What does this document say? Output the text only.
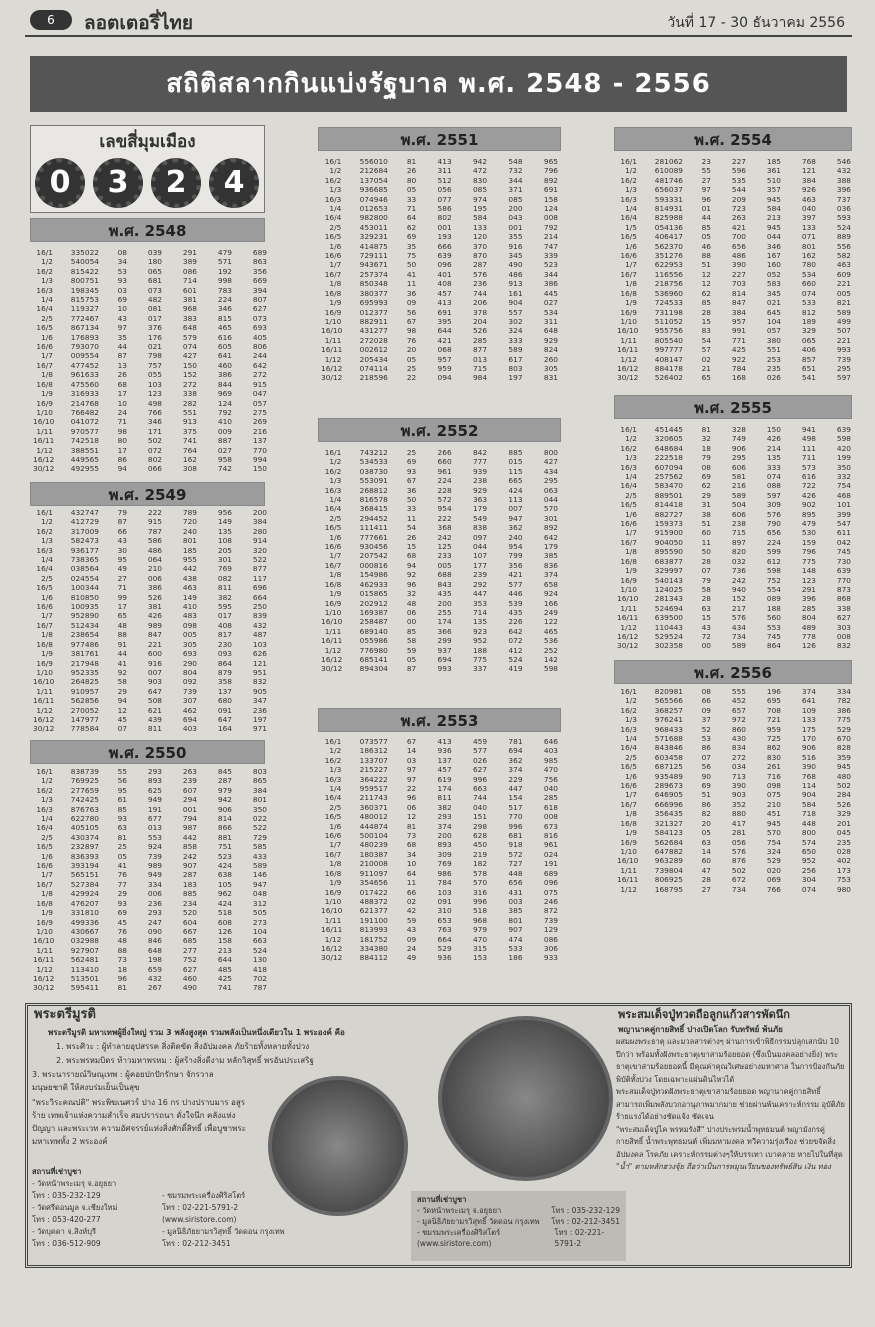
6	ลอตเตอรี่ไทย	วันที่ 17 - 30 ธันวาคม 2556
สถิติสลากกินแบ่งรัฐบาล พ.ศ. 2548 - 2556
เลขสี่มุมเมือง
0	3	2	4
พ.ศ. 2548
16/1	335022	08	039	291	479	689
1/2	540054	34	180	389	571	863
16/2	815422	53	065	086	192	356
1/3	800751	93	681	714	998	669
16/3	198345	03	073	601	783	394
1/4	815753	69	482	381	224	807
16/4	119327	10	081	968	346	627
2/5	772467	43	017	383	815	073
16/5	867134	97	376	648	465	693
1/6	176893	35	176	579	616	405
16/6	793070	44	021	074	605	806
1/7	009554	87	798	427	641	244
16/7	477452	13	757	150	460	642
1/8	961633	26	055	152	386	272
16/8	475560	68	103	272	844	915
1/9	316933	17	123	338	969	047
16/9	214768	10	498	282	124	057
1/10	766482	24	766	551	792	275
16/10	041072	71	346	913	410	269
1/11	970577	98	171	375	009	216
16/11	742518	80	502	741	887	137
1/12	388551	17	072	764	027	770
16/12	449565	86	802	162	958	994
30/12	492955	94	066	308	742	150
พ.ศ. 2549
16/1	432747	79	222	789	956	200
1/2	412729	87	915	720	149	384
16/2	317009	66	787	240	135	280
1/3	582473	43	586	801	108	914
16/3	936177	30	486	185	205	320
1/4	738365	95	064	955	301	522
16/4	038564	49	210	442	769	877
2/5	024554	27	006	438	082	117
16/5	100344	71	386	463	811	696
1/6	810850	99	526	149	382	664
16/6	100935	17	381	410	595	250
1/7	952890	65	426	483	017	839
16/7	512434	48	989	098	408	432
1/8	238654	88	847	005	817	487
16/8	977486	91	221	305	230	103
1/9	381761	44	600	693	093	626
16/9	217948	41	916	290	864	121
1/10	952335	92	007	804	879	951
16/10	264825	58	903	092	358	832
1/11	910957	29	647	739	137	905
16/11	562856	94	508	307	680	347
1/12	270052	12	621	462	091	236
16/12	147977	45	439	694	647	197
30/12	778584	07	811	403	164	971
พ.ศ. 2550
16/1	838739	55	293	263	845	803
1/2	769925	56	893	239	287	865
16/2	277659	95	625	607	979	384
1/3	742425	61	949	294	942	801
16/3	876763	85	191	001	906	350
1/4	622780	93	677	794	814	022
16/4	405105	63	013	987	866	522
2/5	430374	81	553	442	881	729
16/5	232897	25	924	858	751	585
1/6	836393	05	739	242	523	433
16/6	393194	41	989	907	424	589
1/7	565151	76	949	287	638	146
16/7	527384	77	334	183	105	947
1/8	429924	29	006	885	962	048
16/8	476207	93	236	234	424	312
1/9	331810	69	293	520	518	505
16/9	499336	45	247	604	608	273
1/10	430667	76	090	667	126	104
16/10	032988	48	846	685	158	663
1/11	927907	88	648	277	213	524
16/11	562481	73	198	752	644	130
1/12	113410	18	659	627	485	418
16/12	513501	96	432	460	425	702
30/12	595411	81	267	490	741	787
พ.ศ. 2551
16/1	556010	81	413	942	548	965
1/2	212684	26	311	472	732	796
16/2	137054	80	512	830	344	892
1/3	936685	05	056	085	371	691
16/3	074946	33	077	974	085	158
1/4	012653	71	586	195	200	124
16/4	982800	64	802	584	043	008
2/5	453011	62	001	133	001	792
16/5	329231	69	193	120	355	214
1/6	414875	35	666	370	916	747
16/6	729111	75	639	870	345	339
1/7	943671	50	096	287	490	523
16/7	257374	41	401	576	486	344
1/8	850348	11	408	236	913	386
16/8	380377	36	457	744	161	445
1/9	695993	09	413	206	904	027
16/9	012377	56	691	378	557	534
1/10	882911	67	395	204	302	311
16/10	431277	98	644	526	324	648
1/11	272028	76	421	285	333	929
16/11	002612	20	068	877	589	824
1/12	205434	05	957	013	617	260
16/12	074114	25	959	715	803	305
30/12	218596	22	094	984	197	831
พ.ศ. 2552
16/1	743212	25	266	842	885	800
1/2	534533	69	660	777	015	427
16/2	038730	93	961	939	115	434
1/3	553091	67	224	238	665	295
16/3	268812	36	228	929	424	063
1/4	816578	50	572	363	113	044
16/4	368415	33	954	179	007	570
2/5	294452	11	222	549	947	301
16/5	111411	54	368	838	362	892
1/6	777661	26	242	097	240	642
16/6	930456	15	125	044	954	179
1/7	207542	68	233	107	799	385
16/7	000816	94	005	177	356	836
1/8	154986	92	688	239	421	374
16/8	462933	96	843	292	577	658
1/9	015865	32	435	447	446	924
16/9	202912	48	200	353	539	166
1/10	169387	06	255	714	435	249
16/10	258487	00	174	135	226	122
1/11	689140	85	366	923	642	465
16/11	055986	58	299	952	072	536
1/12	776980	59	937	188	412	252
16/12	685141	05	694	775	524	142
30/12	894304	87	993	337	419	598
พ.ศ. 2553
16/1	073577	67	413	459	781	646
1/2	186312	14	936	577	694	403
16/2	133707	03	137	026	362	985
1/3	215227	97	457	627	374	470
16/3	364222	97	619	996	229	756
1/4	959517	22	174	663	447	040
16/4	211743	96	811	744	154	285
2/5	360371	06	382	040	517	618
16/5	480012	12	293	151	770	008
1/6	444874	81	374	298	996	673
16/6	500104	73	200	628	681	816
1/7	480239	68	893	450	918	961
16/7	180387	34	309	219	572	024
1/8	210008	10	769	182	727	191
16/8	911097	64	986	578	448	689
1/9	354656	11	784	570	656	096
16/9	017422	66	103	316	431	075
1/10	488372	02	091	996	003	246
16/10	621377	42	310	518	385	872
1/11	191100	59	653	968	801	739
16/11	813993	43	763	979	907	129
1/12	181752	09	664	470	474	086
16/12	334380	24	529	315	533	306
30/12	884112	49	936	153	186	933
พ.ศ. 2554
16/1	281062	23	227	185	768	546
1/2	610089	55	596	361	121	432
16/2	481746	27	535	510	384	388
1/3	656037	97	544	357	926	396
16/3	593331	96	209	945	463	737
1/4	814931	01	723	584	040	036
16/4	825988	44	263	213	397	593
1/5	054136	85	421	945	133	524
16/5	406417	05	700	044	071	889
1/6	562370	46	656	346	801	556
16/6	351276	88	486	167	162	582
1/7	622953	51	390	160	780	463
16/7	116556	12	227	052	534	609
1/8	218756	12	703	583	660	221
16/8	536960	62	814	345	074	005
1/9	724533	85	847	021	533	821
16/9	731198	28	384	645	812	589
1/10	511052	15	957	104	189	499
16/10	955756	83	991	057	329	507
1/11	805540	54	771	380	065	221
16/11	997777	57	425	551	406	993
1/12	408147	02	922	253	857	739
16/12	884178	21	784	235	651	295
30/12	526402	65	168	026	541	597
พ.ศ. 2555
16/1	451445	81	328	150	941	639
1/2	320605	32	749	426	498	598
16/2	648684	18	906	214	111	420
1/3	222518	79	295	135	711	199
16/3	607094	08	606	333	573	350
1/4	257562	69	581	074	616	332
16/4	583470	62	216	088	722	754
2/5	889501	29	589	597	426	468
16/5	814418	31	504	309	902	101
1/6	882727	38	606	576	895	399
16/6	159373	51	238	790	479	547
1/7	915900	60	715	656	530	611
16/7	904050	11	897	224	159	042
1/8	895590	50	820	599	796	745
16/8	683877	28	032	612	775	730
1/9	329997	07	736	598	148	639
16/9	540143	79	242	752	123	770
1/10	124025	58	940	554	291	873
16/10	281343	28	152	089	396	868
1/11	524694	63	217	188	285	338
16/11	639500	15	576	560	804	627
1/12	110443	43	434	553	489	303
16/12	529524	72	734	745	778	008
30/12	302358	00	589	864	126	832
พ.ศ. 2556
16/1	820981	08	555	196	374	334
1/2	565566	66	452	695	641	782
16/2	368257	09	657	708	109	386
1/3	976241	37	972	721	133	775
16/3	968433	52	860	959	175	529
1/4	571688	53	430	725	170	670
16/4	843846	86	834	862	906	828
2/5	603458	07	272	830	516	359
16/5	687125	56	034	261	390	945
1/6	935489	90	713	716	768	480
16/6	289673	69	390	098	114	502
1/7	646905	51	903	075	904	284
16/7	666996	86	352	210	584	526
1/8	356435	82	880	451	718	329
16/8	321327	20	417	945	448	201
1/9	584123	05	281	570	800	045
16/9	562684	63	056	754	574	235
1/10	647882	14	576	324	650	028
16/10	963289	60	876	529	952	402
1/11	739804	47	502	020	256	173
16/11	806925	28	672	069	304	753
1/12	168795	27	734	766	074	980
พระตรีมูรติ
พระตรีมูรติ มหาเทพผู้ยิ่งใหญ่ รวม 3 พลังสูงสุด รวมพลังเป็นหนึ่งเดียวใน 1 พระองค์ คือ
1. พระศิวะ : ผู้ทำลายอุปสรรค สิ่งติดขัด สิ่งอัปมงคล ภัยร้ายทั้งหลายทั้งปวง
2. พระพรหมบิดร ท้าวมหาพรหม : ผู้สร้างสิ่งดีงาม หลักวิสุทธิ์ พรอันประเสริฐ
3. พระนารายณ์วิษณุเทพ : ผู้คอยปกปักรักษา จักรวาล มนุษยชาติ ให้สงบร่มเย็นเป็นสุข
"พระวิระคณปติ" พระพิฆเนศวร์ ปาง 16 กร ปางปราบมาร อสูรร้าย เทพเจ้าแห่งความสำเร็จ สมปรารถนา ดั่งใจนึก คลังแห่งปัญญา และพระเวท ความอัศจรรย์แห่งสิ่งศักดิ์สิทธิ์ เพื่อบูชาพระมหาเทพทั้ง 2 พระองค์
สถานที่เช่าบูชา
- วัดหน้าพระเมรุ จ.อยุธยา
โทร : 035-232-129
- วัดศรีดอนมูล จ.เชียงใหม่
โทร : 053-420-277
- วัดบุดดา จ.สิงห์บุรี
โทร : 036-512-909
- ชมรมพระเครื่องศิริสโตร์
โทร : 02-221-5791-2
(www.siristore.com)
- มูลนิธิภัยยามรวิสุทธิ์ วัดดอน กรุงเทพ
โทร : 02-212-3451
สถานที่เช่าบูชา
- วัดหน้าพระเมรุ จ.อยุธยา	โทร : 035-232-129
- มูลนิธิภัยยามรวิสุทธิ์ วัดดอน กรุงเทพ โทร : 02-212-3451
- ชมรมพระเครื่องศิริสโตร์ (www.siristore.com)
โทร : 02-221-5791-2
พระสมเด็จปู่ทวดถือลูกแก้วสารพัดนึก
พญานาคคู่กายสิทธิ์ ปางเปิดโลก รับทรัพย์ พ้นภัย
ผสมผงพระธาตุ และมวลสารต่างๆ ผ่านการเข้าพิธีกรรมปลุกเสกนับ 10 ปีกว่า พร้อมทั้งฝังพระธาตุเขาสามร้อยยอด (ซึ่งเป็นมงคลอย่างยิ่ง) พระธาตุเขาสามร้อยยอดนี้ มีคุณค่าคุณวิเศษอย่างมหาศาล ในการป้องกันภัยพิบัติทั้งปวง โดยเฉพาะแผ่นดินไหวได้
พระสมเด็จปู่ทวดฝังพระธาตุเขาสามร้อยยอด พญานาคคู่กายสิทธิ์ สามารถเพิ่มพลังบวกอานุภาพมากมาย ช่วยผ่านพ้นเคราะห์กรรม อุบัติภัยร้ายแรงได้อย่างชัดแจ้ง ชัดเจน
"พระสมเด็จปู่ไค พรหมรังสี" ปางประพรมน้ำพุทธมนต์ พญามังกรคู่กายสิทธิ์ น้ำพระพุทธมนต์ เพิ่มมหามงคล ทวีความรุ่งเรือง ช่วยขจัดสิ่งอัปมงคล โรคภัย เคราะห์กรรมต่างๆให้บรรเทา เบาคลาย หายไปในที่สุด
"น้ำ" ตามหลักฮวงจุ้ย ถือว่าเป็นการหมุนเวียนของทรัพย์สิน เงิน ทอง
